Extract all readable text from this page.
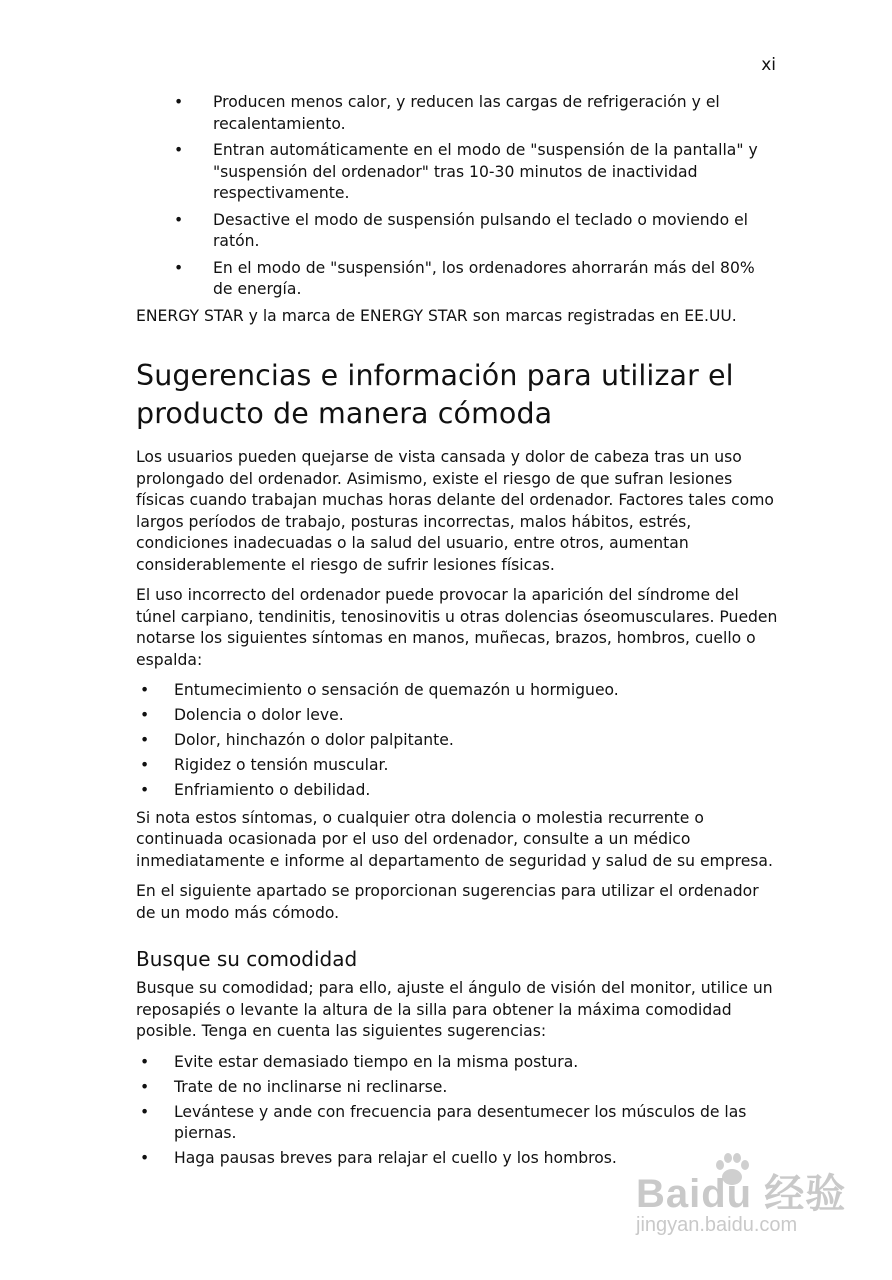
xi
• Producen menos calor, y reducen las cargas de refrigeración y el recalentamiento.
• Entran automáticamente en el modo de "suspensión de la pantalla" y "suspensión del ordenador" tras 10-30 minutos de inactividad respectivamente.
• Desactive el modo de suspensión pulsando el teclado o moviendo el ratón.
• En el modo de "suspensión", los ordenadores ahorrarán más del 80% de energía.

ENERGY STAR y la marca de ENERGY STAR son marcas registradas en EE.UU.

Sugerencias e información para utilizar el producto de manera cómoda

Los usuarios pueden quejarse de vista cansada y dolor de cabeza tras un uso prolongado del ordenador. Asimismo, existe el riesgo de que sufran lesiones físicas cuando trabajan muchas horas delante del ordenador. Factores tales como largos períodos de trabajo, posturas incorrectas, malos hábitos, estrés, condiciones inadecuadas o la salud del usuario, entre otros, aumentan considerablemente el riesgo de sufrir lesiones físicas.

El uso incorrecto del ordenador puede provocar la aparición del síndrome del túnel carpiano, tendinitis, tenosinovitis u otras dolencias óseomusculares. Pueden notarse los siguientes síntomas en manos, muñecas, brazos, hombros, cuello o espalda:

• Entumecimiento o sensación de quemazón u hormigueo.
• Dolencia o dolor leve.
• Dolor, hinchazón o dolor palpitante.
• Rigidez o tensión muscular.
• Enfriamiento o debilidad.

Si nota estos síntomas, o cualquier otra dolencia o molestia recurrente o continuada ocasionada por el uso del ordenador, consulte a un médico inmediatamente e informe al departamento de seguridad y salud de su empresa.

En el siguiente apartado se proporcionan sugerencias para utilizar el ordenador de un modo más cómodo.

Busque su comodidad

Busque su comodidad; para ello, ajuste el ángulo de visión del monitor, utilice un reposapiés o levante la altura de la silla para obtener la máxima comodidad posible. Tenga en cuenta las siguientes sugerencias:

• Evite estar demasiado tiempo en la misma postura.
• Trate de no inclinarse ni reclinarse.
• Levántese y ande con frecuencia para desentumecer los músculos de las piernas.
• Haga pausas breves para relajar el cuello y los hombros.
Baidu 经验
jingyan.baidu.com
